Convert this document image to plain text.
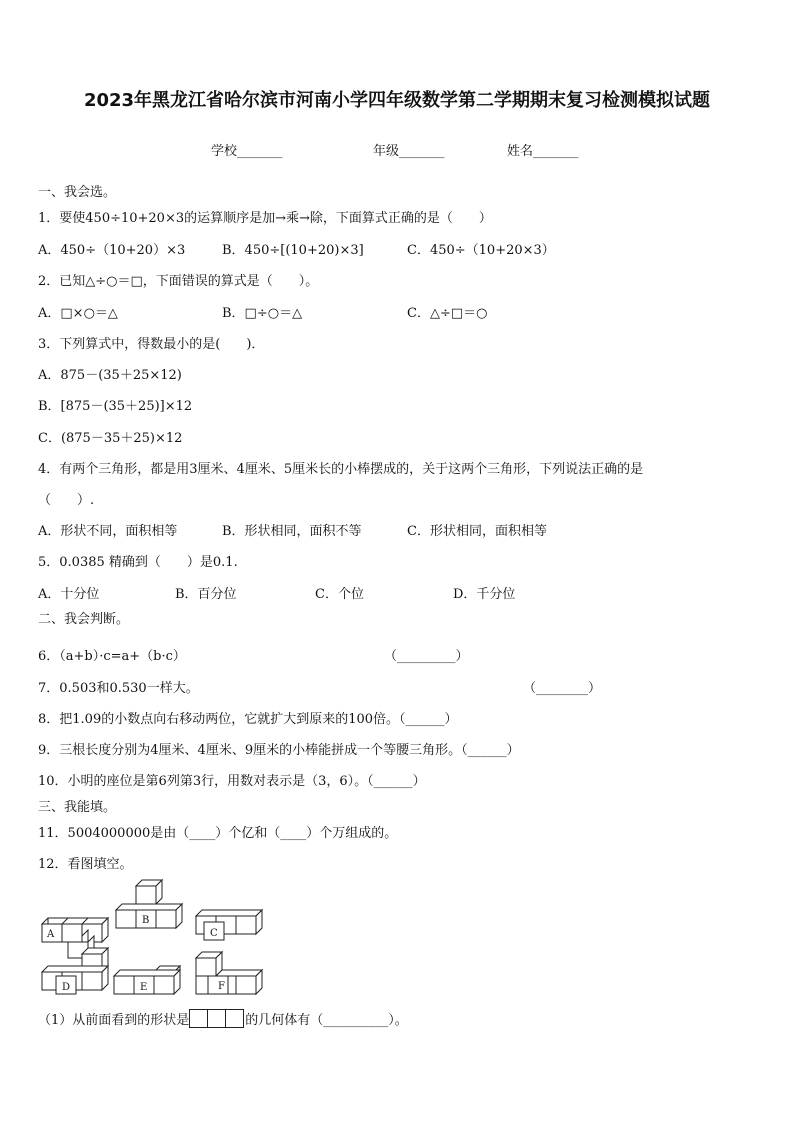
2023年黑龙江省哈尔滨市河南小学四年级数学第二学期期末复习检测模拟试题
学校_______	年级_______	姓名_______
一、我会选。
1．要使450÷10+20×3的运算顺序是加→乘→除，下面算式正确的是（　　）
A．450÷（10+20）×3	B．450÷[(10+20)×3]	C．450÷（10+20×3）
2．已知△÷○＝□，下面错误的算式是（　　）。
A．□×○＝△	B．□÷○＝△	C．△÷□＝○
3．下列算式中，得数最小的是(　　)．
A．875－(35＋25×12)
B．[875－(35＋25)]×12
C．(875－35＋25)×12
4．有两个三角形，都是用3厘米、4厘米、5厘米长的小棒摆成的，关于这两个三角形，下列说法正确的是
（　　）.
A．形状不同，面积相等	B．形状相同，面积不等	C．形状相同，面积相等
5．0.0385 精确到（　　）是0.1.
A．十分位	B．百分位	C．个位	D．千分位
二、我会判断。
6．（a+b）·c=a+（b·c）	（_________）
7．0.503和0.530一样大。	（________）
8．把1.09的小数点向右移动两位，它就扩大到原来的100倍。（______）
9．三根长度分别为4厘米、4厘米、9厘米的小棒能拼成一个等腰三角形。（______）
10．小明的座位是第6列第3行，用数对表示是（3，6）。（______）
三、我能填。
11．5004000000是由（____）个亿和（____）个万组成的。
12．看图填空。
A
B
C
D	E	F
（1）从前面看到的形状是	的几何体有（__________）。
